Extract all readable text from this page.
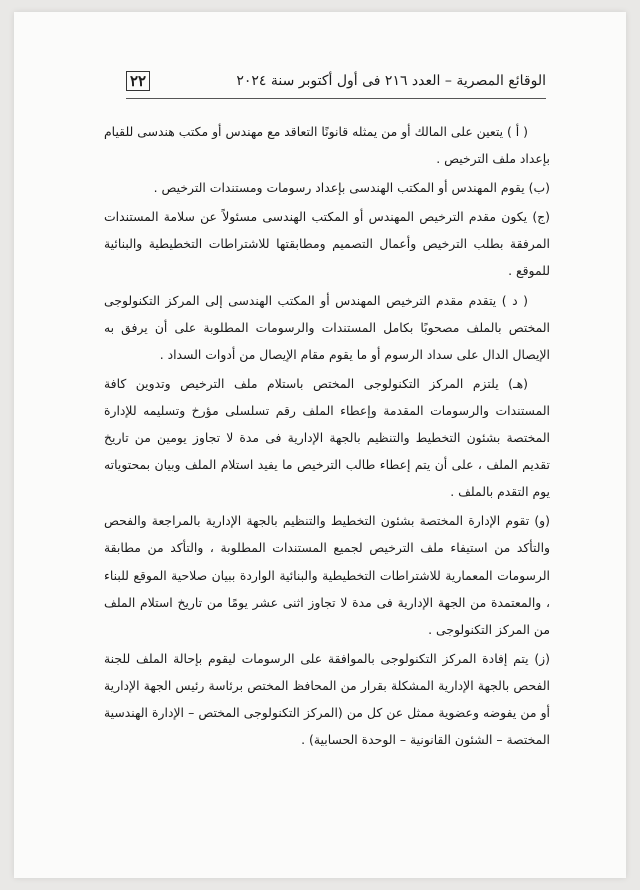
٢٢	الوقائع المصرية – العدد ٢١٦ فى أول أكتوبر سنة ٢٠٢٤

( أ ) يتعين على المالك أو من يمثله قانونًا التعاقد مع مهندس أو مكتب هندسى للقيام بإعداد ملف الترخيص .

(ب) يقوم المهندس أو المكتب الهندسى بإعداد رسومات ومستندات الترخيص .

(ج) يكون مقدم الترخيص المهندس أو المكتب الهندسى مسئولاً عن سلامة المستندات المرفقة بطلب الترخيص وأعمال التصميم ومطابقتها للاشتراطات التخطيطية والبنائية للموقع .

( د ) يتقدم مقدم الترخيص المهندس أو المكتب الهندسى إلى المركز التكنولوجى المختص بالملف مصحوبًا بكامل المستندات والرسومات المطلوبة على أن يرفق به الإيصال الدال على سداد الرسوم أو ما يقوم مقام الإيصال من أدوات السداد .

(هـ) يلتزم المركز التكنولوجى المختص باستلام ملف الترخيص وتدوين كافة المستندات والرسومات المقدمة وإعطاء الملف رقم تسلسلى مؤرخ وتسليمه للإدارة المختصة بشئون التخطيط والتنظيم بالجهة الإدارية فى مدة لا تجاوز يومين من تاريخ تقديم الملف ، على أن يتم إعطاء طالب الترخيص ما يفيد استلام الملف وبيان بمحتوياته يوم التقدم بالملف .

(و) تقوم الإدارة المختصة بشئون التخطيط والتنظيم بالجهة الإدارية بالمراجعة والفحص والتأكد من استيفاء ملف الترخيص لجميع المستندات المطلوبة ، والتأكد من مطابقة الرسومات المعمارية للاشتراطات التخطيطية والبنائية الواردة ببيان صلاحية الموقع للبناء ، والمعتمدة من الجهة الإدارية فى مدة لا تجاوز اثنى عشر يومًا من تاريخ استلام الملف من المركز التكنولوجى .

(ز) يتم إفادة المركز التكنولوجى بالموافقة على الرسومات ليقوم بإحالة الملف للجنة الفحص بالجهة الإدارية المشكلة بقرار من المحافظ المختص برئاسة رئيس الجهة الإدارية أو من يفوضه وعضوية ممثل عن كل من (المركز التكنولوجى المختص – الإدارة الهندسية المختصة – الشئون القانونية – الوحدة الحسابية) .
